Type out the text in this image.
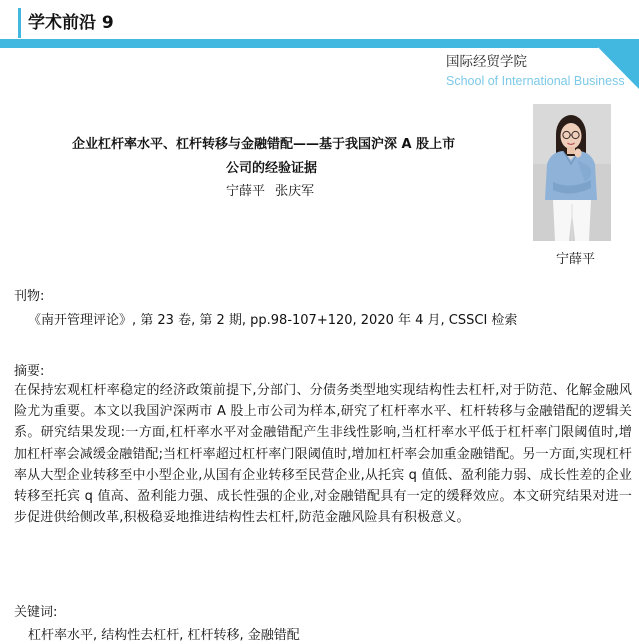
学术前沿 9
国际经贸学院
School of International Business
企业杠杆率水平、杠杆转移与金融错配——基于我国沪深 A 股上市
公司的经验证据
宁薛平 张庆军
宁薛平
刊物:
《南开管理评论》, 第 23 卷, 第 2 期, pp.98-107+120, 2020 年 4 月, CSSCI 检索
摘要:
在保持宏观杠杆率稳定的经济政策前提下,分部门、分债务类型地实现结构性去杠杆,对于防范、化解金融风险尤为重要。本文以我国沪深两市 A 股上市公司为样本,研究了杠杆率水平、杠杆转移与金融错配的逻辑关系。研究结果发现:一方面,杠杆率水平对金融错配产生非线性影响,当杠杆率水平低于杠杆率门限阈值时,增加杠杆率会减缓金融错配;当杠杆率超过杠杆率门限阈值时,增加杠杆率会加重金融错配。另一方面,实现杠杆率从大型企业转移至中小型企业,从国有企业转移至民营企业,从托宾 q 值低、盈利能力弱、成长性差的企业转移至托宾 q 值高、盈利能力强、成长性强的企业,对金融错配具有一定的缓释效应。本文研究结果对进一步促进供给侧改革,积极稳妥地推进结构性去杠杆,防范金融风险具有积极意义。
关键词:
杠杆率水平, 结构性去杠杆, 杠杆转移, 金融错配
